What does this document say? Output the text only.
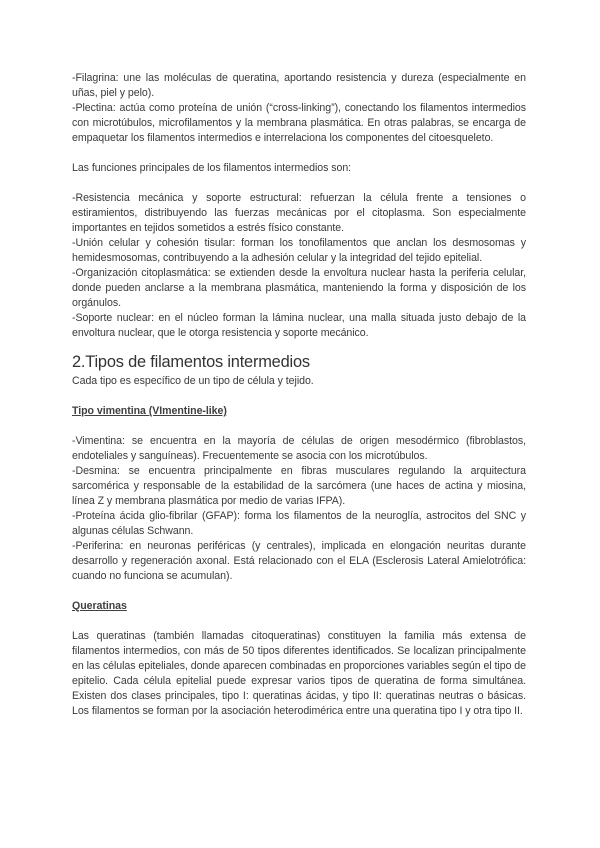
-Filagrina: une las moléculas de queratina, aportando resistencia y dureza (especialmente en uñas, piel y pelo).

-Plectina: actúa como proteína de unión (“cross-linking”), conectando los filamentos intermedios con microtúbulos, microfilamentos y la membrana plasmática. En otras palabras, se encarga de empaquetar los filamentos intermedios e interrelaciona los componentes del citoesqueleto.

Las funciones principales de los filamentos intermedios son:

-Resistencia mecánica y soporte estructural: refuerzan la célula frente a tensiones o estiramientos, distribuyendo las fuerzas mecánicas por el citoplasma. Son especialmente importantes en tejidos sometidos a estrés físico constante.

-Unión celular y cohesión tisular: forman los tonofilamentos que anclan los desmosomas y hemidesmosomas, contribuyendo a la adhesión celular y la integridad del tejido epitelial.

-Organización citoplasmática: se extienden desde la envoltura nuclear hasta la periferia celular, donde pueden anclarse a la membrana plasmática, manteniendo la forma y disposición de los orgánulos.

-Soporte nuclear: en el núcleo forman la lámina nuclear, una malla situada justo debajo de la envoltura nuclear, que le otorga resistencia y soporte mecánico.

2.Tipos de filamentos intermedios

Cada tipo es específico de un tipo de célula y tejido.

Tipo vimentina (VImentine-like)

-Vimentina: se encuentra en la mayoría de células de origen mesodérmico (fibroblastos, endoteliales y sanguíneas). Frecuentemente se asocia con los microtúbulos.

-Desmina: se encuentra principalmente en fibras musculares regulando la arquitectura sarcomérica y responsable de la estabilidad de la sarcómera (une haces de actina y miosina, línea Z y membrana plasmática por medio de varias IFPA).

-Proteína ácida glio-fibrilar (GFAP): forma los filamentos de la neuroglía, astrocitos del SNC y algunas células Schwann.

-Periferina: en neuronas periféricas (y centrales), implicada en elongación neuritas durante desarrollo y regeneración axonal. Está relacionado con el ELA (Esclerosis Lateral Amielotrófica: cuando no funciona se acumulan).

Queratinas

Las queratinas (también llamadas citoqueratinas) constituyen la familia más extensa de filamentos intermedios, con más de 50 tipos diferentes identificados. Se localizan principalmente en las células epiteliales, donde aparecen combinadas en proporciones variables según el tipo de epitelio. Cada célula epitelial puede expresar varios tipos de queratina de forma simultánea. Existen dos clases principales, tipo I: queratinas ácidas, y tipo II: queratinas neutras o básicas. Los filamentos se forman por la asociación heterodimérica entre una queratina tipo I y otra tipo II.
